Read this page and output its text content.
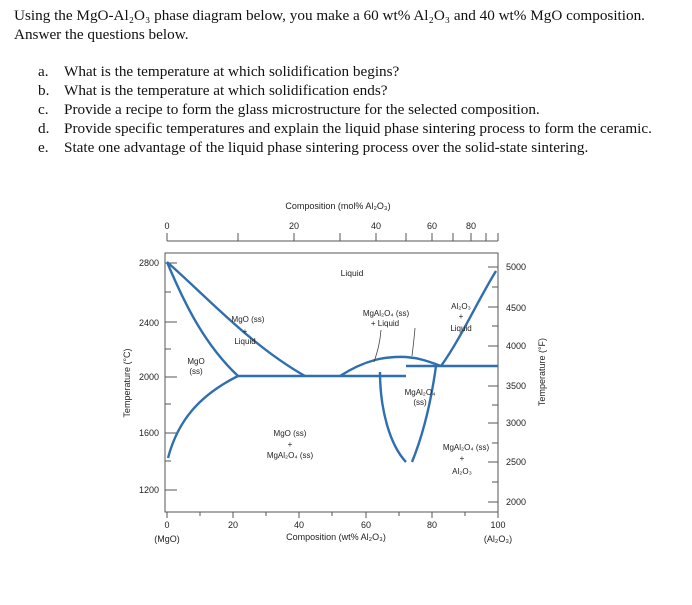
Using the MgO-Al₂O₃ phase diagram below, you make a 60 wt% Al₂O₃ and 40 wt% MgO composition. Answer the questions below.
a.	What is the temperature at which solidification begins?
b. What is the temperature at which solidification ends?
c.	Provide a recipe to form the glass microstructure for the selected composition.
d. Provide specific temperatures and explain the liquid phase sintering process to form the ceramic.
e.	State one advantage of the liquid phase sintering process over the solid-state sintering.
Composition (mol% Al₂O₃)
0	20	40	60	80
Temperature (°C)
2800
2400
2000
1600
1200
Temperature (°F)
5000
4500
4000
3500
3000
2500
2000
0	20	40	60	80	100
(MgO)	(Al₂O₃)
Composition (wt% Al₂O₃)
Liquid
MgO (ss)
+
Liquid
MgO
(ss)
MgAl₂O₄ (ss)
+ Liquid
Al₂O₃
+
Liquid
MgAl₂O₄
(ss)
MgO (ss)
+
MgAl₂O₄ (ss)
MgAl₂O₄ (ss)
+
Al₂O₃
